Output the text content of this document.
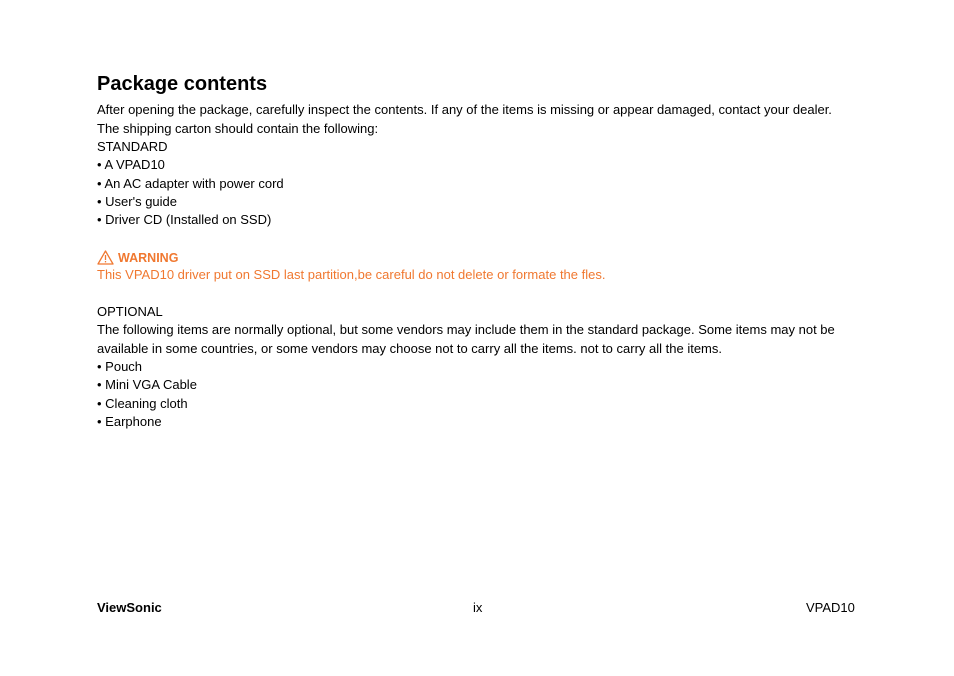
Package contents
After opening the package, carefully inspect the contents. If any of the items is missing or appear damaged, contact your dealer.
The shipping carton should contain the following:
STANDARD
• A VPAD10
• An AC adapter with power cord
• User's guide
• Driver CD (Installed on SSD)
WARNING
This VPAD10 driver put on SSD last partition,be careful do not delete or formate the fles.
OPTIONAL
The following items are normally optional, but some vendors may include them in the standard package. Some items may not be
available in some countries, or some vendors may choose not to carry all the items. not to carry all the items.
• Pouch
• Mini VGA Cable
• Cleaning cloth
• Earphone
ViewSonic	ix	VPAD10
